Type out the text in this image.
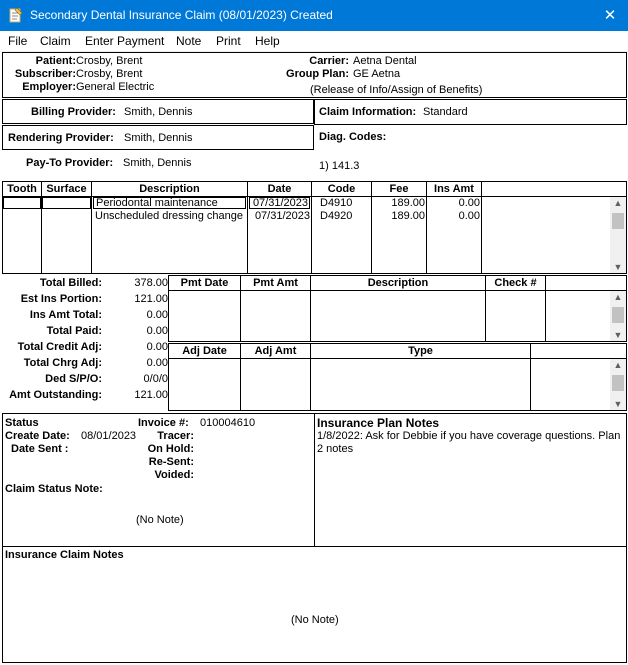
Secondary Dental Insurance Claim (08/01/2023) Created	✕
File Claim Enter Payment Note Print Help
Patient: Crosby, Brent
Subscriber: Crosby, Brent
Employer: General Electric
Carrier: Aetna Dental
Group Plan: GE Aetna
(Release of Info/Assign of Benefits)
Billing Provider: Smith, Dennis
Rendering Provider: Smith, Dennis
Pay-To Provider: Smith, Dennis
Claim Information: Standard
Diag. Codes:
1) 141.3
Tooth Surface	Description	Date	Code	Fee	Ins Amt
Periodontal maintenance	07/31/2023 D4910	189.00	0.00
Unscheduled dressing change	07/31/2023 D4920	189.00	0.00
▲
▼
Total Billed:	378.00
Est Ins Portion:	121.00
Ins Amt Total:	0.00
Total Paid:	0.00
Total Credit Adj:	0.00
Total Chrg Adj:	0.00
Ded S/P/O:	0/0/0
Amt Outstanding:	121.00
Pmt Date	Pmt Amt	Description	Check #
▲
▼
Adj Date	Adj Amt	Type
▲
▼
Status	Invoice #: 010004610
Create Date: 08/01/2023 Tracer:
Date Sent :	On Hold:
Re-Sent:
Voided:
Claim Status Note:
(No Note)
Insurance Plan Notes
1/8/2022: Ask for Debbie if you have coverage questions. Plan 2 notes
Insurance Claim Notes
(No Note)
